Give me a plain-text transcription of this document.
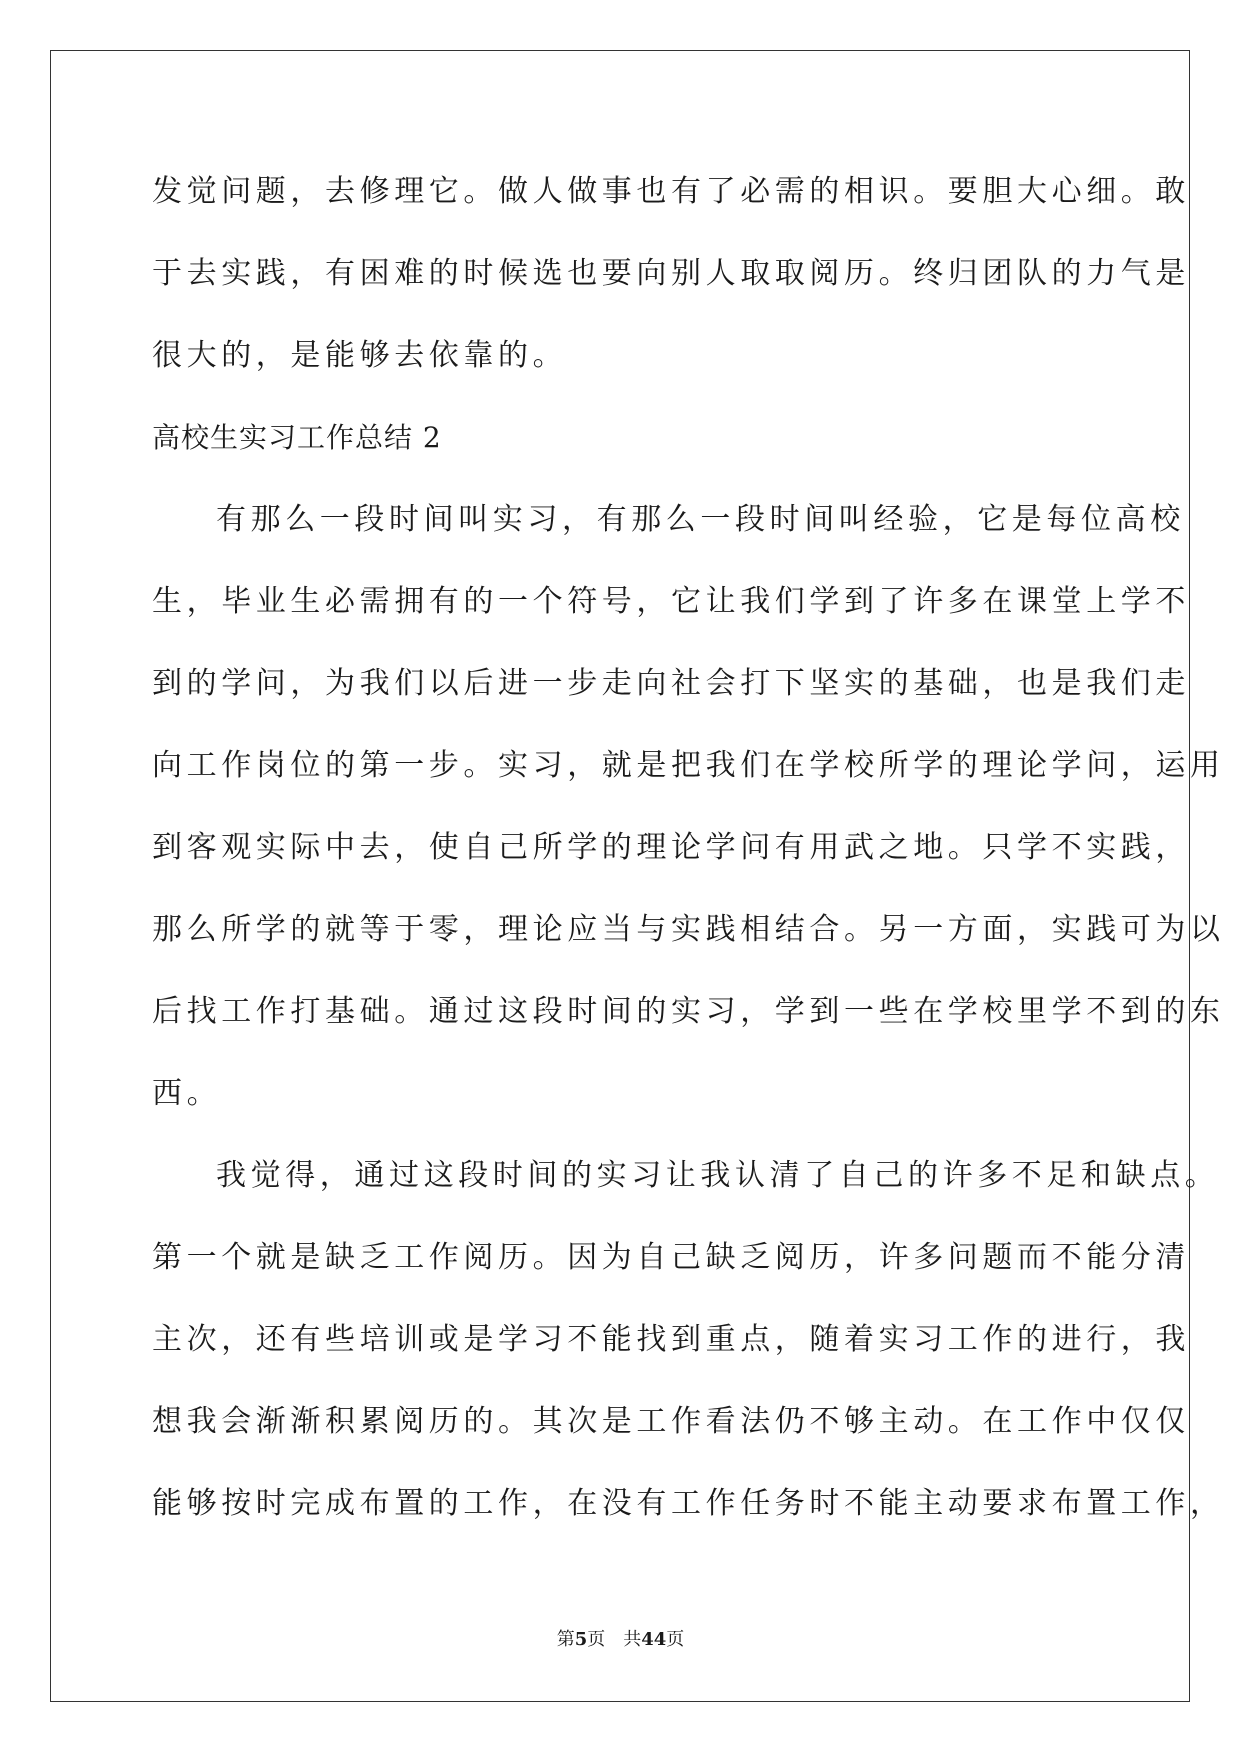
发觉问题，去修理它。做人做事也有了必需的相识。要胆大心细。敢
于去实践，有困难的时候选也要向别人取取阅历。终归团队的力气是
很大的，是能够去依靠的。
高校生实习工作总结 2
有那么一段时间叫实习，有那么一段时间叫经验，它是每位高校
生，毕业生必需拥有的一个符号，它让我们学到了许多在课堂上学不
到的学问，为我们以后进一步走向社会打下坚实的基础，也是我们走
向工作岗位的第一步。实习，就是把我们在学校所学的理论学问，运用
到客观实际中去，使自己所学的理论学问有用武之地。只学不实践，
那么所学的就等于零，理论应当与实践相结合。另一方面，实践可为以
后找工作打基础。通过这段时间的实习，学到一些在学校里学不到的东
西。
我觉得，通过这段时间的实习让我认清了自己的许多不足和缺点。
第一个就是缺乏工作阅历。因为自己缺乏阅历，许多问题而不能分清
主次，还有些培训或是学习不能找到重点，随着实习工作的进行，我
想我会渐渐积累阅历的。其次是工作看法仍不够主动。在工作中仅仅
能够按时完成布置的工作，在没有工作任务时不能主动要求布置工作，
第5页 共44页
